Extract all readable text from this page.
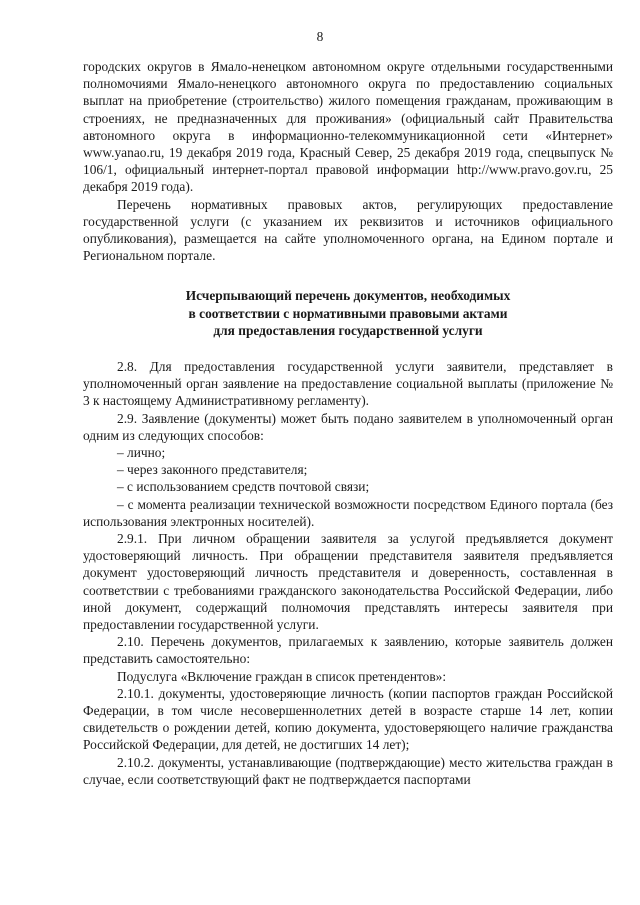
8

городских округов в Ямало-ненецком автономном округе отдельными государственными полномочиями Ямало-ненецкого автономного округа по предоставлению социальных выплат на приобретение (строительство) жилого помещения гражданам, проживающим в строениях, не предназначенных для проживания» (официальный сайт Правительства автономного округа в информационно-телекоммуникационной сети «Интернет» www.yanao.ru, 19 декабря 2019 года, Красный Север, 25 декабря 2019 года, спецвыпуск № 106/1, официальный интернет-портал правовой информации http://www.pravo.gov.ru, 25 декабря 2019 года).

Перечень нормативных правовых актов, регулирующих предоставление государственной услуги (с указанием их реквизитов и источников официального опубликования), размещается на сайте уполномоченного органа, на Едином портале и Региональном портале.

Исчерпывающий перечень документов, необходимых
в соответствии с нормативными правовыми актами
для предоставления государственной услуги

2.8. Для предоставления государственной услуги заявители, представляет в уполномоченный орган заявление на предоставление социальной выплаты (приложение № 3 к настоящему Административному регламенту).

2.9. Заявление (документы) может быть подано заявителем в уполномоченный орган одним из следующих способов:

– лично;

– через законного представителя;

– с использованием средств почтовой связи;

– с момента реализации технической возможности посредством Единого портала (без использования электронных носителей).

2.9.1. При личном обращении заявителя за услугой предъявляется документ удостоверяющий личность. При обращении представителя заявителя предъявляется документ удостоверяющий личность представителя и доверенность, составленная в соответствии с требованиями гражданского законодательства Российской Федерации, либо иной документ, содержащий полномочия представлять интересы заявителя при предоставлении государственной услуги.

2.10. Перечень документов, прилагаемых к заявлению, которые заявитель должен представить самостоятельно:

Подуслуга «Включение граждан в список претендентов»:

2.10.1. документы, удостоверяющие личность (копии паспортов граждан Российской Федерации, в том числе несовершеннолетних детей в возрасте старше 14 лет, копии свидетельств о рождении детей, копию документа, удостоверяющего наличие гражданства Российской Федерации, для детей, не достигших 14 лет);

2.10.2. документы, устанавливающие (подтверждающие) место жительства граждан в случае, если соответствующий факт не подтверждается паспортами
